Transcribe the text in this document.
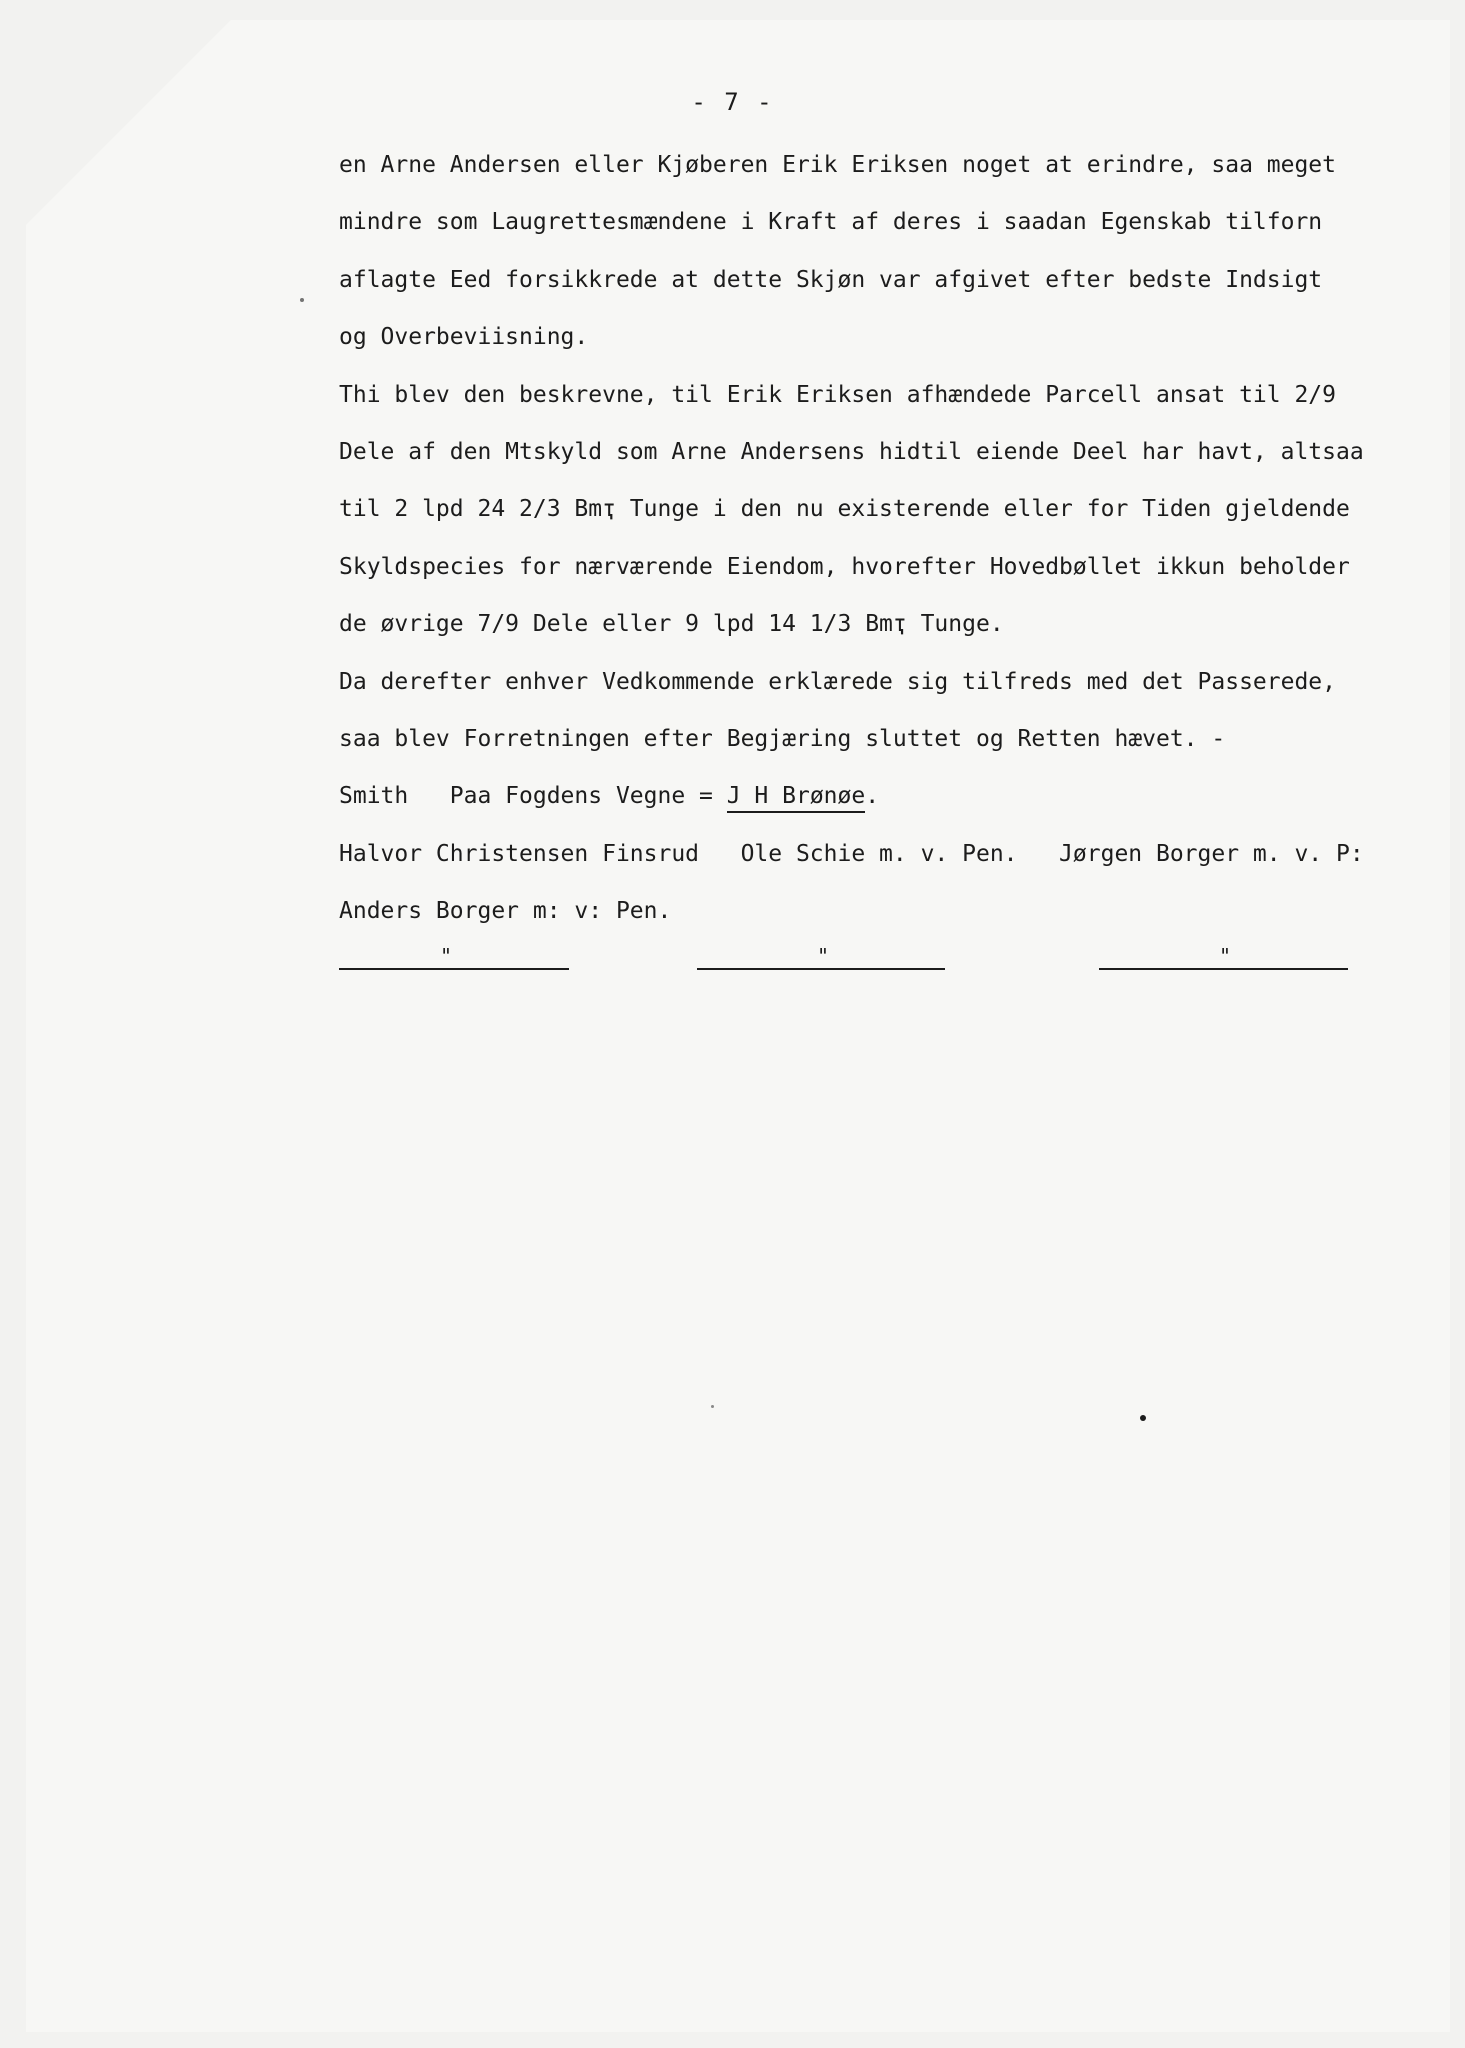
- 7 -
en Arne Andersen eller Kjøberen Erik Eriksen noget at erindre, saa meget
mindre som Laugrettesmændene i Kraft af deres i saadan Egenskab tilforn
aflagte Eed forsikkrede at dette Skjøn var afgivet efter bedste Indsigt
og Overbeviisning.
Thi blev den beskrevne, til Erik Eriksen afhændede Parcell ansat til 2/9
Dele af den Mtskyld som Arne Andersens hidtil eiende Deel har havt, altsaa
til 2 lpd 24 2/3 Bmҭ Tunge i den nu existerende eller for Tiden gjeldende
Skyldspecies for nærværende Eiendom, hvorefter Hovedbøllet ikkun beholder
de øvrige 7/9 Dele eller 9 lpd 14 1/3 Bmҭ Tunge.
Da derefter enhver Vedkommende erklærede sig tilfreds med det Passerede,
saa blev Forretningen efter Begjæring sluttet og Retten hævet. -
Smith   Paa Fogdens Vegne = J H Brønøe.
Halvor Christensen Finsrud   Ole Schie m. v. Pen.   Jørgen Borger m. v. P:
Anders Borger m: v: Pen.
"	"	"
